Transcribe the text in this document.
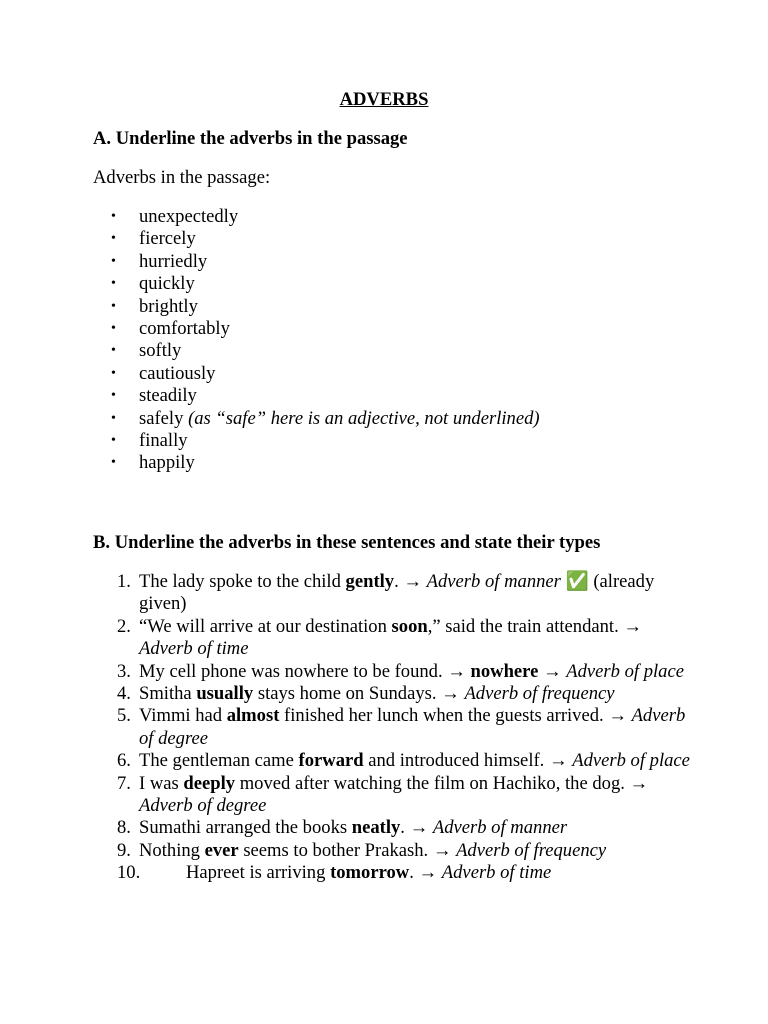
ADVERBS
A. Underline the adverbs in the passage

Adverbs in the passage:

• unexpectedly
• fiercely
• hurriedly
• quickly
• brightly
• comfortably
• softly
• cautiously
• steadily
• safely (as “safe” here is an adjective, not underlined)
• finally
• happily
B. Underline the adverbs in these sentences and state their types
1. The lady spoke to the child gently. → Adverb of manner ✅ (already given)
2. “We will arrive at our destination soon,” said the train attendant. → Adverb of time
3. My cell phone was nowhere to be found. → nowhere → Adverb of place
4. Smitha usually stays home on Sundays. → Adverb of frequency
5. Vimmi had almost finished her lunch when the guests arrived. → Adverb of degree
6. The gentleman came forward and introduced himself. → Adverb of place
7. I was deeply moved after watching the film on Hachiko, the dog. → Adverb of degree
8. Sumathi arranged the books neatly. → Adverb of manner
9. Nothing ever seems to bother Prakash. → Adverb of frequency
10. Hapreet is arriving tomorrow. → Adverb of time
